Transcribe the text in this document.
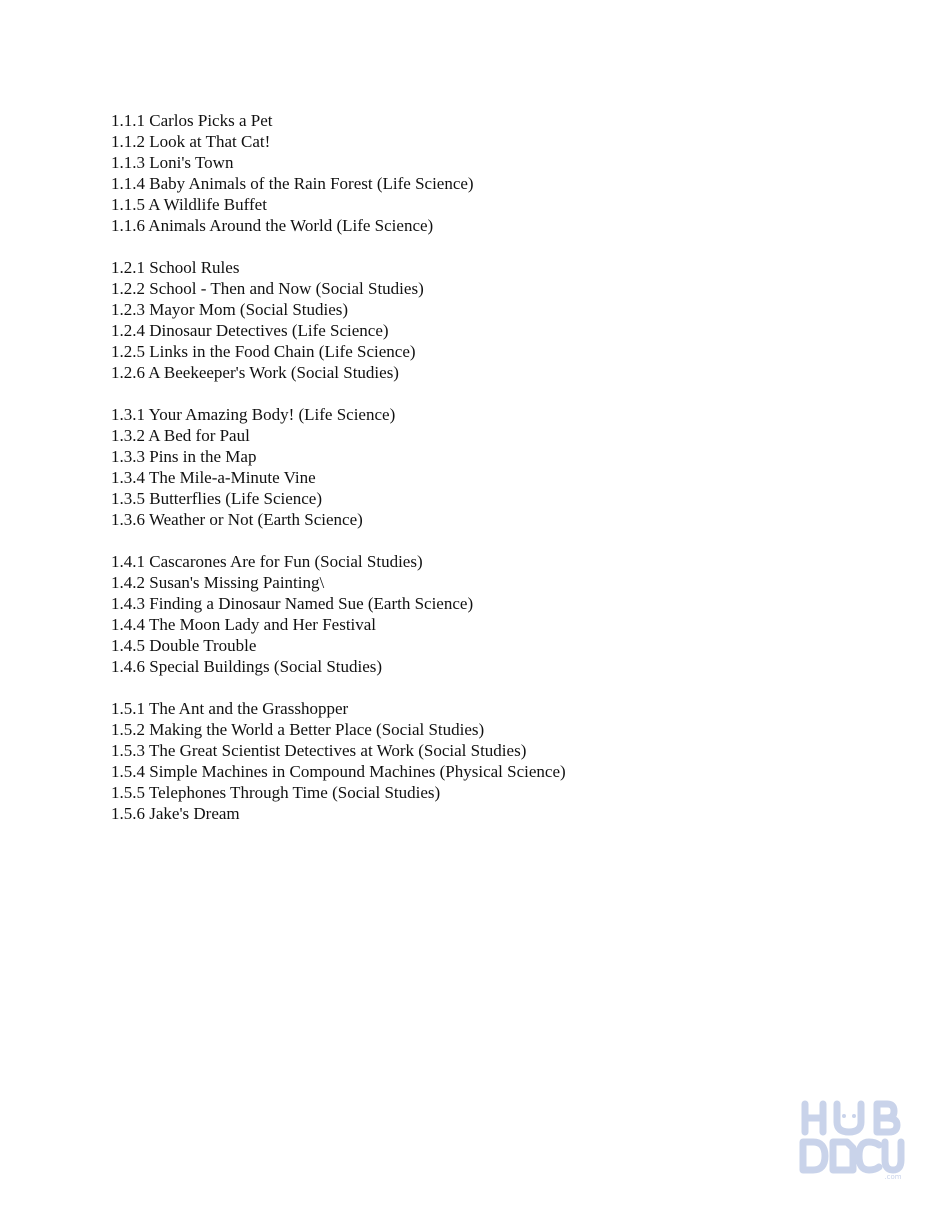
1.1.1 Carlos Picks a Pet
1.1.2 Look at That Cat!
1.1.3 Loni's Town
1.1.4 Baby Animals of the Rain Forest (Life Science)
1.1.5 A Wildlife Buffet
1.1.6 Animals Around the World (Life Science)
1.2.1 School Rules
1.2.2 School - Then and Now (Social Studies)
1.2.3 Mayor Mom (Social Studies)
1.2.4 Dinosaur Detectives (Life Science)
1.2.5 Links in the Food Chain (Life Science)
1.2.6 A Beekeeper's Work (Social Studies)
1.3.1 Your Amazing Body! (Life Science)
1.3.2 A Bed for Paul
1.3.3 Pins in the Map
1.3.4 The Mile-a-Minute Vine
1.3.5 Butterflies (Life Science)
1.3.6 Weather or Not (Earth Science)
1.4.1 Cascarones Are for Fun (Social Studies)
1.4.2 Susan's Missing Painting\
1.4.3 Finding a Dinosaur Named Sue (Earth Science)
1.4.4 The Moon Lady and Her Festival
1.4.5 Double Trouble
1.4.6 Special Buildings (Social Studies)
1.5.1 The Ant and the Grasshopper
1.5.2 Making the World a Better Place (Social Studies)
1.5.3 The Great Scientist Detectives at Work (Social Studies)
1.5.4 Simple Machines in Compound Machines (Physical Science)
1.5.5 Telephones Through Time (Social Studies)
1.5.6 Jake's Dream
.com
